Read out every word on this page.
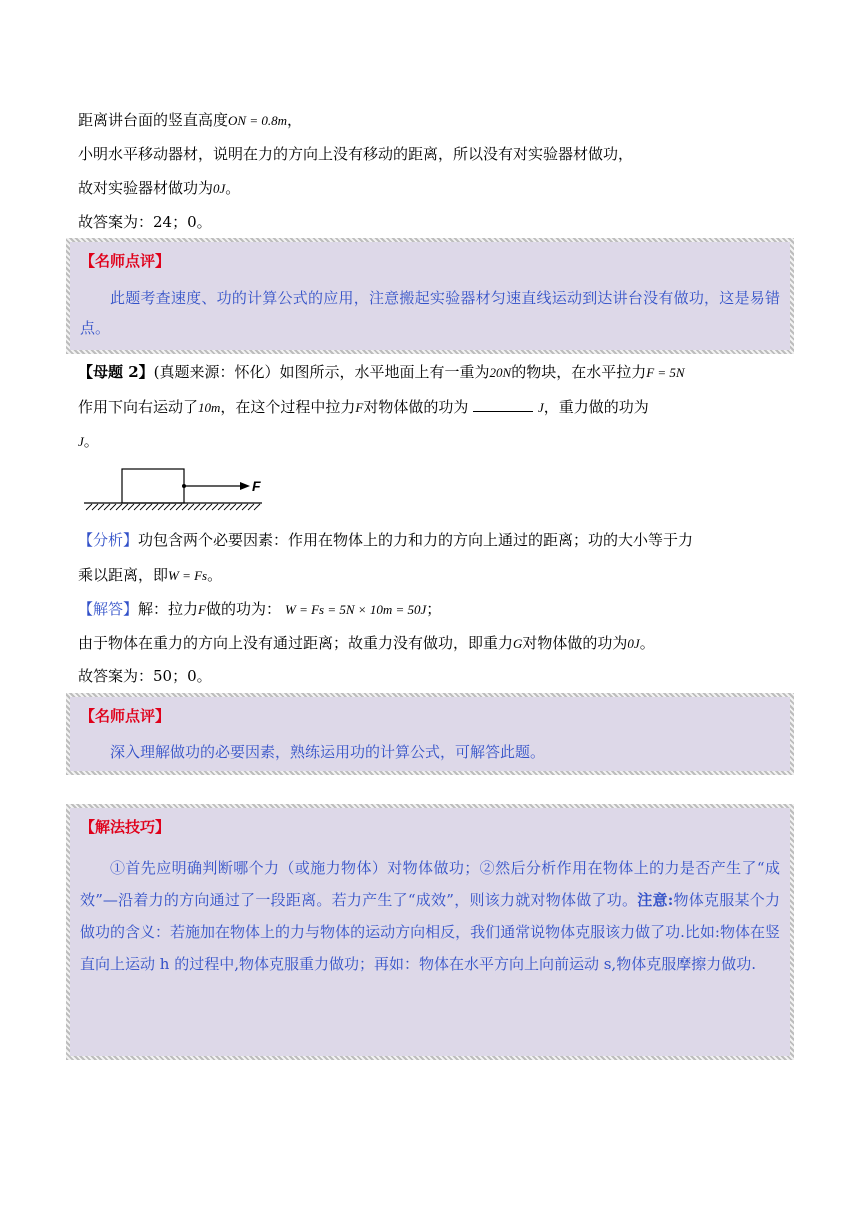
距离讲台面的竖直高度ON = 0.8m，
小明水平移动器材，说明在力的方向上没有移动的距离，所以没有对实验器材做功，
故对实验器材做功为0J。
故答案为：24；0。
【名师点评】
此题考查速度、功的计算公式的应用，注意搬起实验器材匀速直线运动到达讲台没有做功，这是易错点。
【母题 2】(真题来源：怀化）如图所示，水平地面上有一重为20N的物块，在水平拉力F = 5N
作用下向右运动了10m，在这个过程中拉力F对物体做的功为	J，重力做的功为
J。
F
【分析】功包含两个必要因素：作用在物体上的力和力的方向上通过的距离；功的大小等于力
乘以距离，即W = Fs。
【解答】解：拉力F做的功为： W = Fs = 5N × 10m = 50J；
由于物体在重力的方向上没有通过距离；故重力没有做功，即重力G对物体做的功为0J。
故答案为：50；0。
【名师点评】
深入理解做功的必要因素，熟练运用功的计算公式，可解答此题。
【解法技巧】
①首先应明确判断哪个力（或施力物体）对物体做功；②然后分析作用在物体上的力是否产生了“成效”—沿着力的方向通过了一段距离。若力产生了“成效”，则该力就对物体做了功。注意:物体克服某个力做功的含义：若施加在物体上的力与物体的运动方向相反，我们通常说物体克服该力做了功.比如:物体在竖直向上运动 h 的过程中,物体克服重力做功；再如：物体在水平方向上向前运动 s,物体克服摩擦力做功.
